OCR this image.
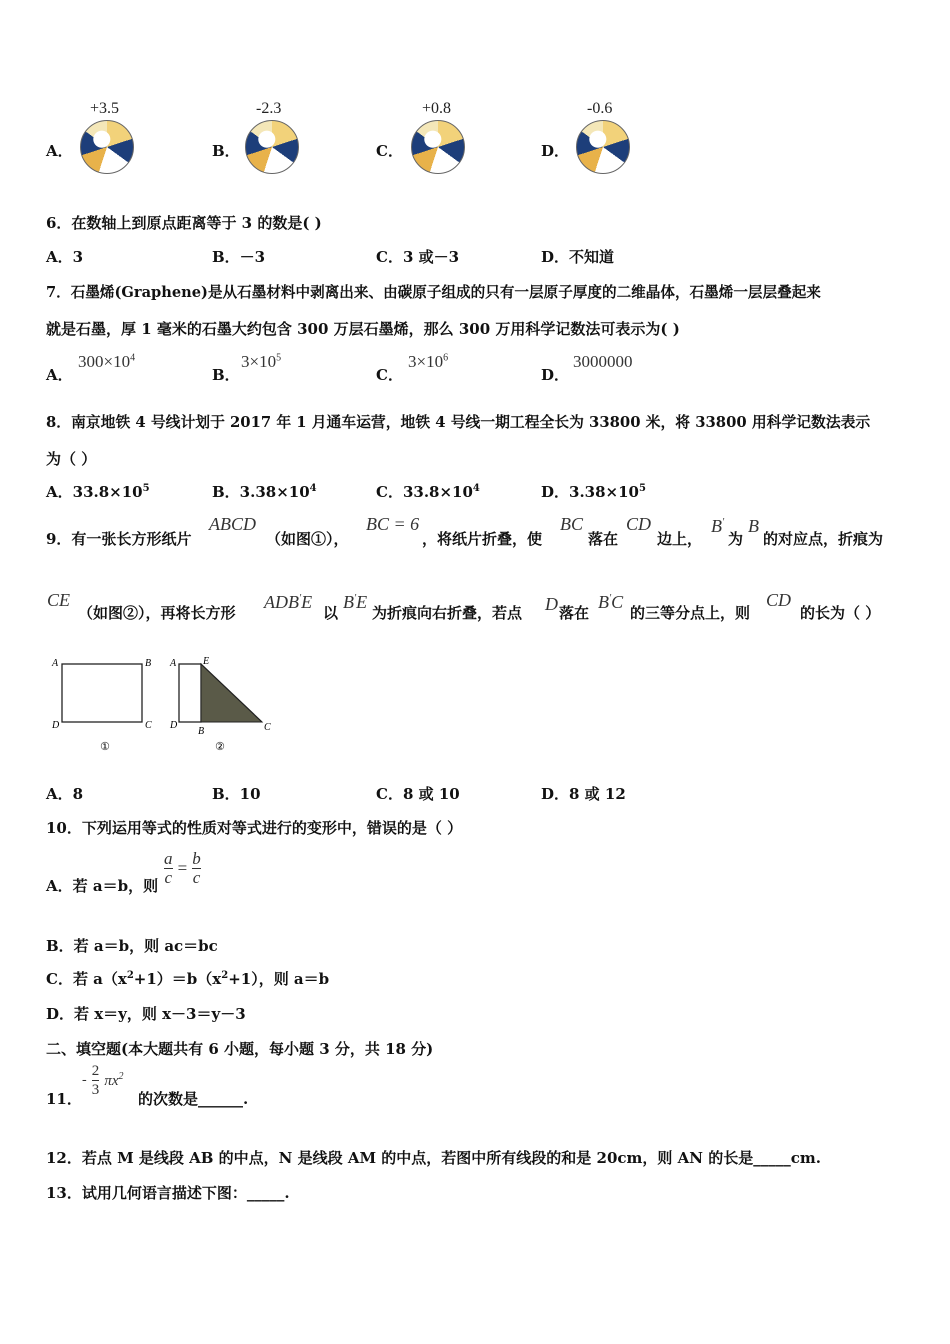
A．
+3.5
B．
-2.3
C．
+0.8
D．
-0.6
6．在数轴上到原点距离等于 3 的数是( )
A．3	B．－3	C．3 或－3	D．不知道
7．石墨烯(Graphene)是从石墨材料中剥离出来、由碳原子组成的只有一层原子厚度的二维晶体，石墨烯一层层叠起来
就是石墨，厚 1 毫米的石墨大约包含 300 万层石墨烯，那么 300 万用科学记数法可表示为( )
A．
$300\times 10^4$
B．
$3\times 10^5$
C．
$3\times 10^6$
D．
3000000
8．南京地铁 4 号线计划于 2017 年 1 月通车运营，地铁 4 号线一期工程全长为 33800 米，将 33800 用科学记数法表示
为（ ）
A．$33.8\times 10^5$	B．$3.38\times 10^4$	C．$33.8\times 10^4$	D．$3.38\times 10^5$
9．有一张长方形纸片
ABCD
（如图①），
BC = 6
，将纸片折叠，使
BC
落在
CD
边上，
B'
为
B
的对应点，折痕为
CE
（如图②），再将长方形
ADB'E
以
B'E
为折痕向右折叠，若点 D 落在
B'C
的三等分点上，则
CD
的长为（ ）
A	B
C
D
①
A	E
D
B	C
②
A．8	B．10	C．8 或 10	D．8 或 12
10．下列运用等式的性质对等式进行的变形中，错误的是（ ）
A．若 a＝b，则 $\frac{a}{c} = \frac{b}{c}$
B．若 a＝b，则 ac＝bc
C．若 $a(x^2+1)=b(x^2+1)$，则 a＝b
D．若 x＝y，则 x－3＝y－3
二、填空题(本大题共有 6 小题，每小题 3 分，共 18 分)
11．
- $\frac{2}{3} \pi x^2$
的次数是______.
12．若点 M 是线段 AB 的中点，N 是线段 AM 的中点，若图中所有线段的和是 20cm，则 AN 的长是_____cm.
13．试用几何语言描述下图：_____.
